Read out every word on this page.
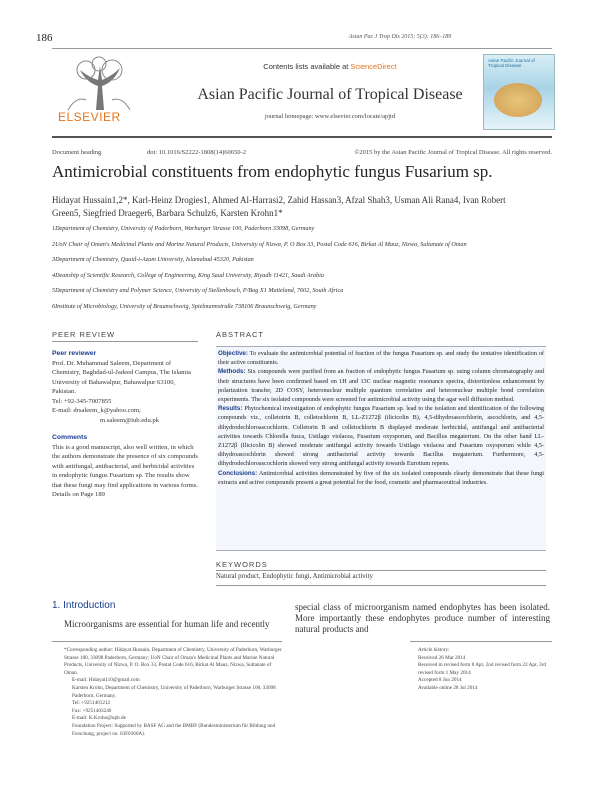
186	Asian Pac J Trop Dis 2015; 5(3): 186–189
ELSEVIER
Contents lists available at ScienceDirect
Asian Pacific Journal of Tropical Disease
journal homepage: www.elsevier.com/locate/apjtd
Asian Pacific Journal of Tropical Disease
Document heading	doi: 10.1016/S2222-1808(14)60650-2	©2015 by the Asian Pacific Journal of Tropical Disease. All rights reserved.
Antimicrobial constituents from endophytic fungus Fusarium sp.
Hidayat Hussain1,2*, Karl-Heinz Drogies1, Ahmed Al-Harrasi2, Zahid Hassan3, Afzal Shah3, Usman Ali Rana4, Ivan Robert
Green5, Siegfried Draeger6, Barbara Schulz6, Karsten Krohn1*

1Department of Chemistry, University of Paderborn, Warburger Strasse 100, Paderborn 33098, Germany

2UoN Chair of Oman's Medicinal Plants and Marine Natural Products, University of Nizwa, P. O Box 33, Postal Code 616, Birkat Al Mauz, Nizwa, Sultanate of Oman

3Department of Chemistry, Quaid-i-Azam University, Islamabad 45320, Pakistan

4Deanship of Scientific Research, College of Engineering, King Saud University, Riyadh 11421, Saudi Arabia

5Department of Chemistry and Polymer Science, University of Stellenbosch, P/Bag X1 Matieland, 7602, South Africa

6Institute of Microbiology, University of Braunschweig, Spielmannstraße 738106 Braunschweig, Germany

PEER REVIEW

Peer reviewer

Prof. Dr. Muhammad Saleem, Department of Chemistry, Baghdad-ul-Jadeed Campus, The Islamia University of Bahawalpur, Bahawalpur 63100, Pakistan.

Tel: +92-345-7007855

E-mail: drsaleem_k@yahoo.com;

m.saleem@iub.edu.pk

Comments

This is a good manuscript, also well written, in which the authors demonstrate the presence of six compounds with antifungal, antibacterial, and herbicidal activities in endophytic fungus Fusarium sp. The results show that these fungi may find applications in various forms.

Details on Page 189

ABSTRACT

Objective: To evaluate the antimicrobial potential of fraction of the fungus Fusarium sp. and study the tentative identification of their active constituents.

Methods: Six compounds were purified from an fraction of endophytic fungus Fusarium sp. using column chromatography and their structures have been confirmed based on 1H and 13C nuclear magnetic resonance spectra, distortionless enhancement by polarization transfer, 2D COSY, heteronuclear multiple quantum correlation and heteronuclear multiple bond correlation experiments. The six isolated compounds were screened for antimicrobial activity using the agar well diffusion method.

Results: Phytochemical investigation of endophytic fungus Fusarium sp. lead to the isolation and identification of the following compounds viz., colletotrin B, colletochlorin B, LL-Z1272β (ilicicolin B), 4,5-dihydroascochlorin, ascochlorin, and 4,5-dihydrodechloroascochlorin. Colletorin B and colletochlorin B displayed moderate herbicidal, antifungal and antibacterial activities towards Chlorella fusca, Ustilago violacea, Fusarium oxysporum, and Bacillus megaterium. On the other hand LL-Z1272β (Ilicicolin B) showed moderate antifungal activity towards Ustilago violacea and Fusarium oxysporum while 4,5-dihydroascochlorin showed strong antibacterial activity towards Bacillus megaterium. Furthermore, 4,5-dihydrodechloroascochlorin showed very strong antifungal activity towards Eurotium repens.

Conclusions: Antimicrobial activities demonstrated by five of the six isolated compounds clearly demonstrate that these fungi extracts and active compounds present a great potential for the food, cosmetic and pharmaceutical industries.

KEYWORDS
Natural product, Endophytic fungi, Antimicrobial activity
1. Introduction
Microorganisms are essential for human life and recently
special class of microorganism named endophytes has been isolated. More importantly these endophytes produce number of interesting natural products and

*Corresponding author: Hidayat Hussain, Department of Chemistry, University of Paderborn, Warburger Strasse 100, 33098 Paderborn, Germany; UoN Chair of Oman's Medicinal Plants and Marine Natural Products, University of Nizwa, P. O. Box 33, Postal Code 616, Birkat Al Mauz, Nizwa, Sultanate of Oman.

E-mail: Hidayat110@gmail.com

Karsten Krohn, Department of Chemistry, University of Paderborn, Warburger Strasse 100, 33098 Paderborn, Germany.

Tel: +9251401212

Fax: +9251403240

E-mail: K.Krohn@upb.de

Foundation Project: Supported by BASF AG and the BMBF (Bundesministerium für Bildung und Forschung, project no. 03F0360A).

Article history:

Received 26 Mar 2014

Received in revised form 8 Apr, 2nd revised form 22 Apr, 3rd revised form 1 May 2014

Accepted 8 Jun 2014

Available online 28 Jul 2014
